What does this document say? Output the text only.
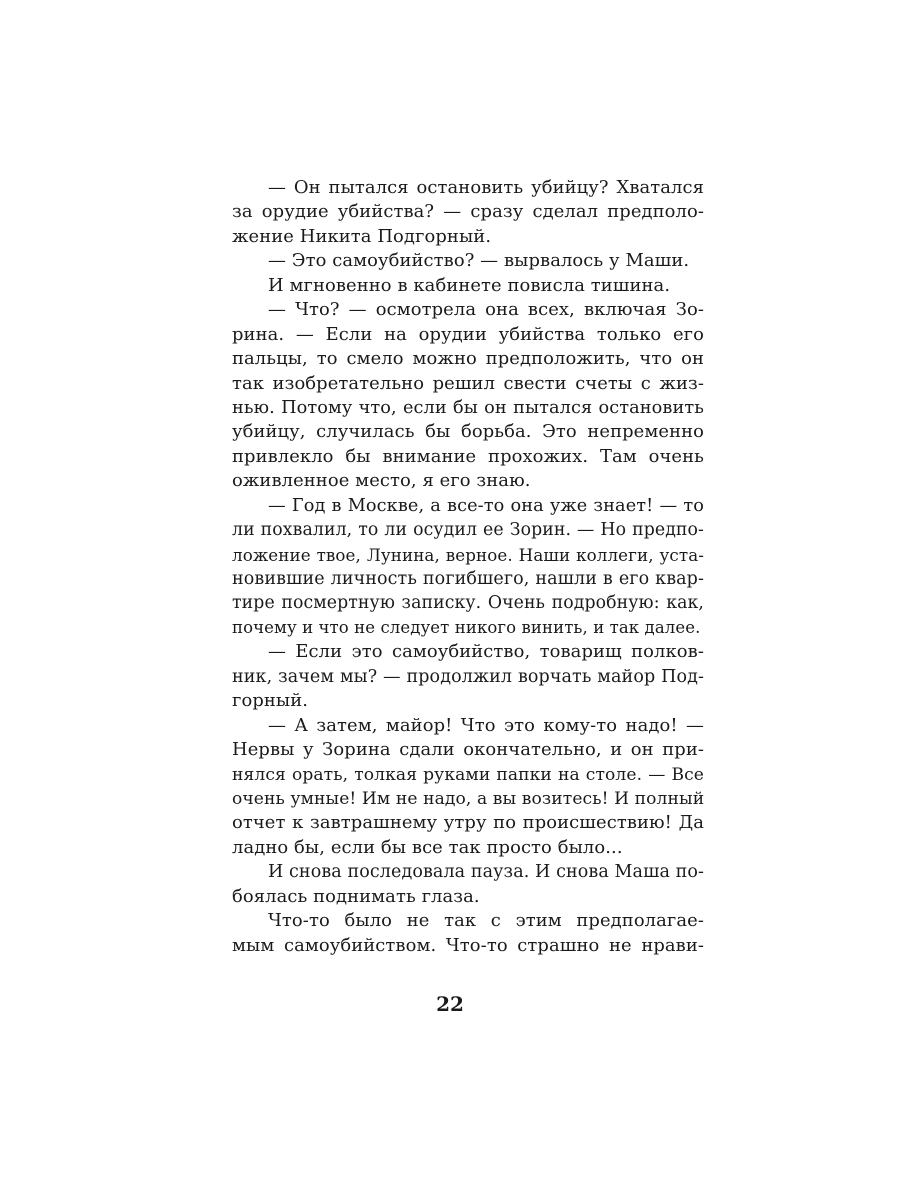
— Он пытался остановить убийцу? Хватался
за орудие убийства? — сразу сделал предполо-
жение Никита Подгорный.
— Это самоубийство? — вырвалось у Маши.
И мгновенно в кабинете повисла тишина.
— Что? — осмотрела она всех, включая Зо-
рина. — Если на орудии убийства только его
пальцы, то смело можно предположить, что он
так изобретательно решил свести счеты с жиз-
нью. Потому что, если бы он пытался остановить
убийцу, случилась бы борьба. Это непременно
привлекло бы внимание прохожих. Там очень
оживленное место, я его знаю.
— Год в Москве, а все-то она уже знает! — то
ли похвалил, то ли осудил ее Зорин. — Но предпо-
ложение твое, Лунина, верное. Наши коллеги, уста-
новившие личность погибшего, нашли в его квар-
тире посмертную записку. Очень подробную: как,
почему и что не следует никого винить, и так далее.
— Если это самоубийство, товарищ полков-
ник, зачем мы? — продолжил ворчать майор Под-
горный.
— А затем, майор! Что это кому-то надо! —
Нервы у Зорина сдали окончательно, и он при-
нялся орать, толкая руками папки на столе. — Все
очень умные! Им не надо, а вы возитесь! И полный
отчет к завтрашнему утру по происшествию! Да
ладно бы, если бы все так просто было...
И снова последовала пауза. И снова Маша по-
боялась поднимать глаза.
Что-то было не так с этим предполагае-
мым самоубийством. Что-то страшно не нрави-
22
